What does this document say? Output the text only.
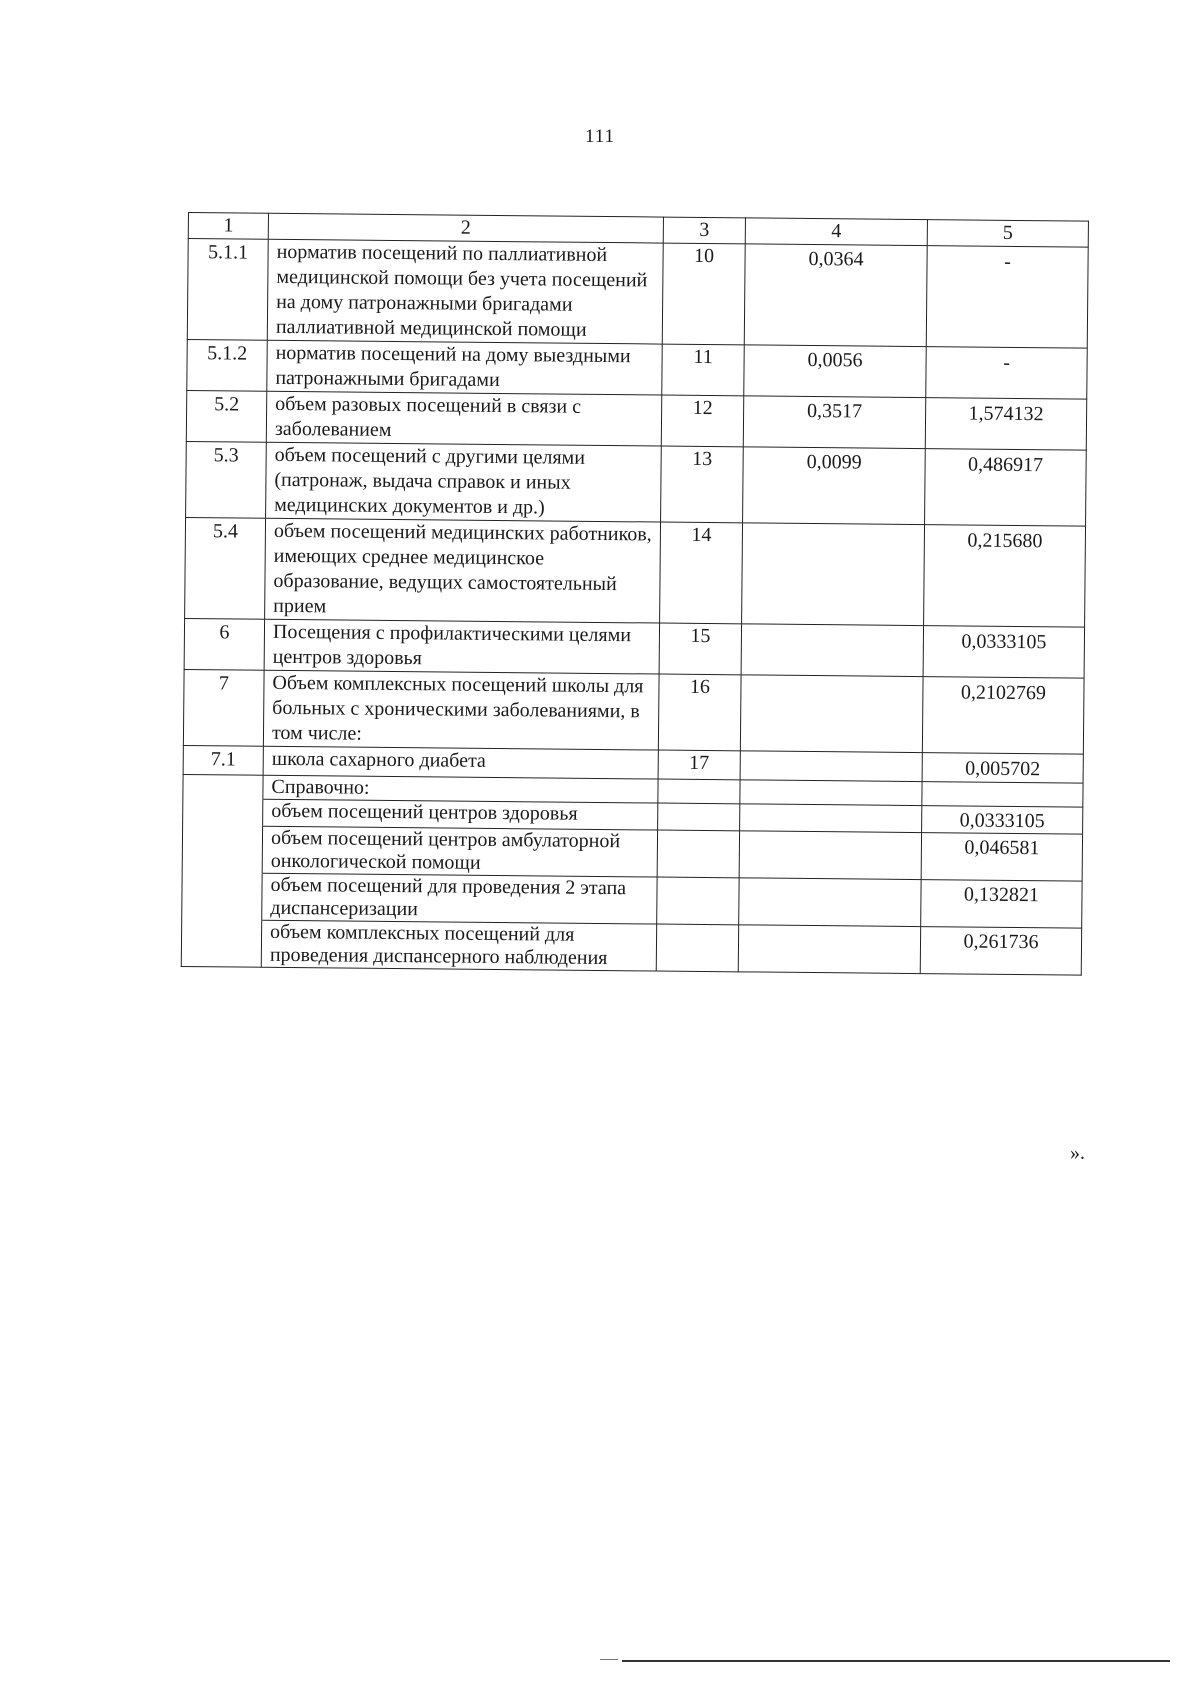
111
1	2	3	4	5
5.1.1	норматив посещений по паллиативной медицинской помощи без учета посещений на дому патронажными бригадами паллиативной медицинской помощи	10	0,0364	-
5.1.2	норматив посещений на дому выездными патронажными бригадами	11	0,0056	-
5.2	объем разовых посещений в связи с заболеванием	12	0,3517	1,574132
5.3	объем посещений с другими целями (патронаж, выдача справок и иных медицинских документов и др.)	13	0,0099	0,486917
5.4	объем посещений медицинских работников, имеющих среднее медицинское образование, ведущих самостоятельный прием	14		0,215680
6	Посещения с профилактическими целями центров здоровья	15		0,0333105
7	Объем комплексных посещений школы для больных с хроническими заболеваниями, в том числе:	16		0,2102769
7.1	школа сахарного диабета	17		0,005702
	Справочно:			
	объем посещений центров здоровья			0,0333105
	объем посещений центров амбулаторной онкологической помощи			0,046581
	объем посещений для проведения 2 этапа диспансеризации			0,132821
	объем комплексных посещений для проведения диспансерного наблюдения			0,261736
».
